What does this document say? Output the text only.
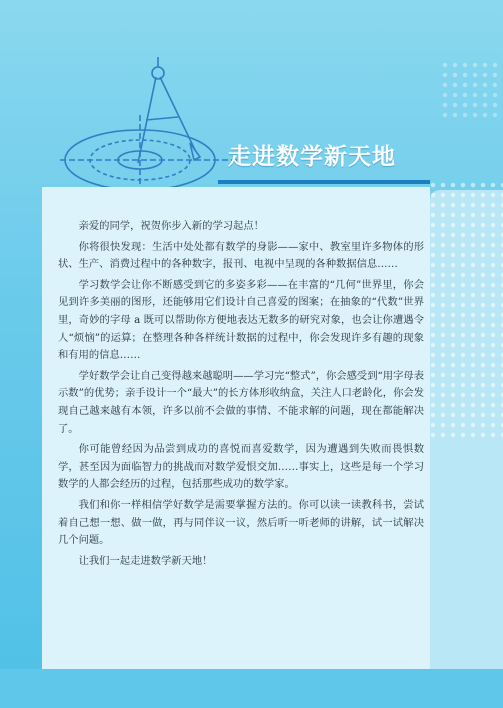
走进数学新天地

亲爱的同学，祝贺你步入新的学习起点！

你将很快发现：生活中处处都有数学的身影——家中、教室里许多物体的形状、生产、消费过程中的各种数字，报刊、电视中呈现的各种数据信息……

学习数学会让你不断感受到它的多姿多彩——在丰富的“几何”世界里，你会见到许多美丽的图形，还能够用它们设计自己喜爱的图案；在抽象的“代数”世界里，奇妙的字母 a 既可以帮助你方便地表达无数多的研究对象，也会让你遭遇令人“烦恼”的运算；在整理各种各样统计数据的过程中，你会发现许多有趣的现象和有用的信息……

学好数学会让自己变得越来越聪明——学习完“整式”，你会感受到“用字母表示数”的优势；亲手设计一个“最大”的长方体形收纳盒，关注人口老龄化，你会发现自己越来越有本领，许多以前不会做的事情、不能求解的问题，现在都能解决了。

你可能曾经因为品尝到成功的喜悦而喜爱数学，因为遭遇到失败而畏惧数学，甚至因为面临智力的挑战而对数学爱恨交加……事实上，这些是每一个学习数学的人都会经历的过程，包括那些成功的数学家。

我们和你一样相信学好数学是需要掌握方法的。你可以读一读教科书，尝试着自己想一想、做一做，再与同伴议一议，然后听一听老师的讲解，试一试解决几个问题。

让我们一起走进数学新天地！
